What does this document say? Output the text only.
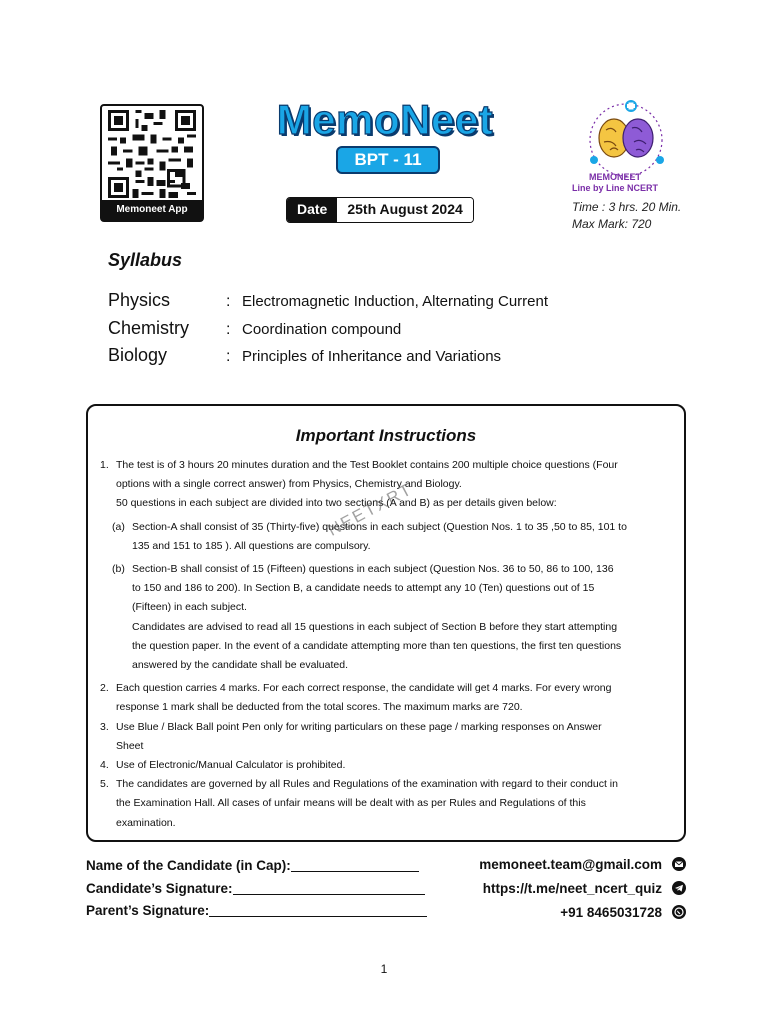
Memoneet App
MemoNeet
BPT - 11
Date	25th August 2024
MEMONEET
Line by Line NCERT
Time : 3 hrs. 20 Min.
Max Mark: 720
Syllabus
Physics	: Electromagnetic Induction, Alternating Current
Chemistry	: Coordination compound
Biology	: Principles of Inheritance and Variations
Important Instructions
1. The test is of 3 hours 20 minutes duration and the Test Booklet contains 200 multiple choice questions (Four
options with a single correct answer) from Physics, Chemistry and Biology.
50 questions in each subject are divided into two sections (A and B) as per details given below:
(a) Section-A shall consist of 35 (Thirty-five) questions in each subject (Question Nos. 1 to 35 ,50 to 85, 101 to
135 and 151 to 185 ). All questions are compulsory.
(b) Section-B shall consist of 15 (Fifteen) questions in each subject (Question Nos. 36 to 50, 86 to 100, 136
to 150 and 186 to 200). In Section B, a candidate needs to attempt any 10 (Ten) questions out of 15
(Fifteen) in each subject.
Candidates are advised to read all 15 questions in each subject of Section B before they start attempting
the question paper. In the event of a candidate attempting more than ten questions, the first ten questions
answered by the candidate shall be evaluated.
2. Each question carries 4 marks. For each correct response, the candidate will get 4 marks. For every wrong
response 1 mark shall be deducted from the total scores. The maximum marks are 720.
3. Use Blue / Black Ball point Pen only for writing particulars on these page / marking responses on Answer
Sheet
4. Use of Electronic/Manual Calculator is prohibited.
5. The candidates are governed by all Rules and Regulations of the examination with regard to their conduct in
the Examination Hall. All cases of unfair means will be dealt with as per Rules and Regulations of this
examination.
NEETXRT
Name of the Candidate (in Cap):
Candidate’s Signature:
Parent’s Signature:
memoneet.team@gmail.com
https://t.me/neet_ncert_quiz
+91 8465031728
1
